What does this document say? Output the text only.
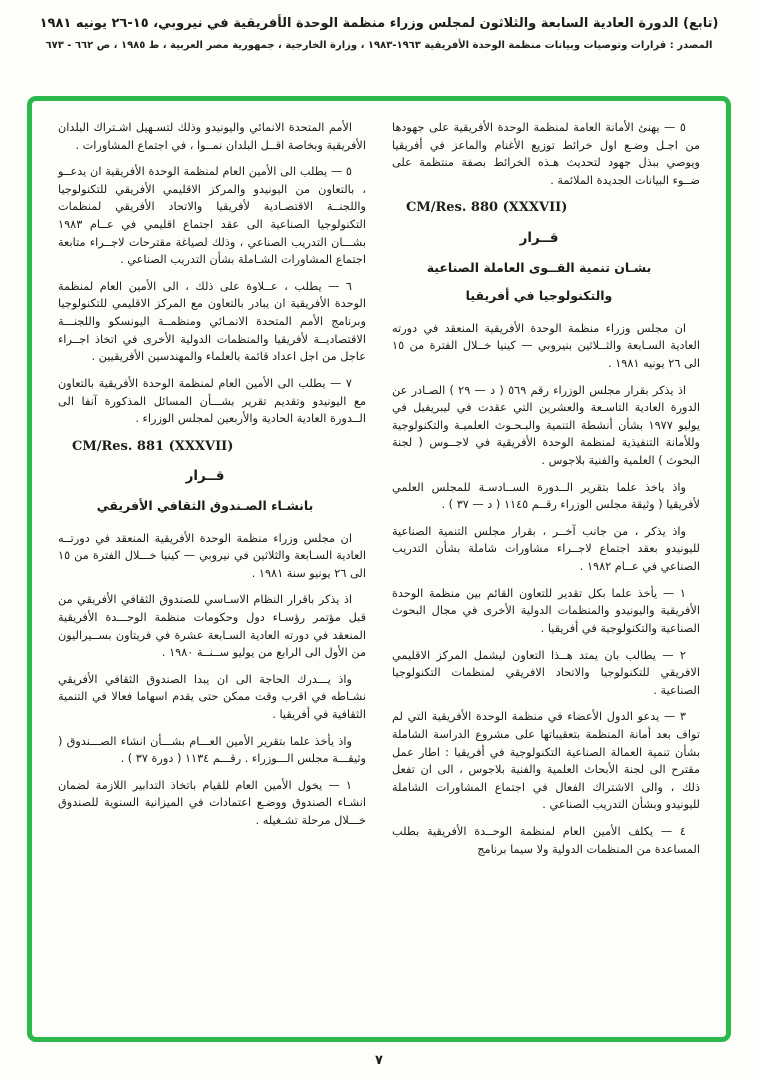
(تابع) الدورة العادية السابعة والثلاثون لمجلس وزراء منظمة الوحدة الأفريقية في نيروبي، ١٥-٢٦ يونيه ١٩٨١
المصدر : قرارات وتوصيات وبيانات منظمة الوحدة الأفريقية ١٩٦٣-١٩٨٣ ، وزارة الخارجية ، جمهورية مصر العربية ، ط ١٩٨٥ ، ص ٦٦٢ - ٦٧٣

٥ — يهنئ الأمانة العامة لمنظمة الوحدة الأفريقية على جهودها من اجـل وضـع اول خرائط توزيع الأغنام والماعز في أفريقيا ويوصي ببذل جهود لتحديث هـذه الخرائط بصفة منتظمة على ضــوء البيانات الجديدة الملائمة .

CM/Res. 880 (XXXVII)

قــرار

بشـان تنمية القــوى العاملة الصناعية

والتكنولوجيا في أفريقيا

ان مجلس وزراء منظمة الوحدة الأفريقية المنعقد في دورته العادية السـابعة والثــلاثين بنيروبي — كينيا خــلال الفترة من ١٥ الى ٢٦ يونيه ١٩٨١ .

اذ يذكر بقرار مجلس الوزراء رقم ٥٦٩ ( د — ٢٩ ) الصـادر عن الدورة العادية التاسـعة والعشرين التي عقدت في ليبريفيل في يوليو ١٩٧٧ بشأن أنشطة التنمية والبـحـوث العلميـة والتكنولوجية وللأمانة التنفيذية لمنظمة الوحدة الأفريقية في لاجــوس ( لجنة البحوث ) العلمية والفنية بلاجوس .

واذ ياخذ علما بتقرير الــدورة الســادسـة للمجلس العلمي لأفريقيا ( وثيقة مجلس الوزراء رقــم ١١٤٥ ( د — ٣٧ ) .

واذ يذكر ، من جانب آخــر ، بقرار مجلس التنمية الصناعية لليونيدو بعقد اجتماع لاجــراء مشاورات شاملة بشأن التدريب الصناعي في عــام ١٩٨٢ .

١ — يأخذ علما بكل تقدير للتعاون القائم بين منظمة الوحدة الأفريقية واليونيدو والمنظمات الدولية الأخرى في مجال البحوث الصناعية والتكنولوجية في أفريقيا .

٢ — يطالب بان يمتد هــذا التعاون ليشمل المركز الاقليمي الافريقي للتكنولوجيا والاتحاد الافريقي لمنظمات التكنولوجيا الصناعية .

٣ — يدعو الدول الأعضاء في منظمة الوحدة الأفريقية التي لم تواف بعد أمانة المنظمة بتعقيباتها على مشروع الدراسة الشاملة بشأن تنمية العمالة الصناعية التكنولوجية في أفريقيا : اطار عمل مقترح الى لجنة الأبحاث العلمية والفنية بلاجوس ، الى ان تفعل ذلك ، والى الاشتراك الفعال في اجتماع المشاورات الشاملة لليونيدو وبشأن التدريب الصناعي .

٤ — يكلف الأمين العام لمنظمة الوحــدة الأفريقية بطلب المساعدة من المنظمات الدولية ولا سيما برنامج

الأمم المتحدة الانمائي واليونيدو وذلك لتسـهيل اشـتراك البلدان الأفريقية وبخاصة اقــل البلدان نمــوا ، في اجتماع المشاورات .

٥ — يطلب الى الأمين العام لمنظمة الوحدة الأفريقية ان يدعــو ، بالتعاون من اليونيدو والمركز الاقليمي الأفريقي للتكنولوجيا واللجنــة الاقتصـادية لأفريقيا والاتحاد الأفريقي لمنظمات التكنولوجيا الصناعية الى عقد اجتماع اقليمي في عــام ١٩٨٣ بشـــان التدريب الصناعي ، وذلك لصياغة مقترحات لاجــراء متابعة اجتماع المشاورات الشـاملة بشأن التدريب الصناعي .

٦ — يطلب ، عــلاوة على ذلك ، الى الأمين العام لمنظمة الوحدة الأفريقية ان يبادر بالتعاون مع المركز الاقليمي للتكنولوجيا وبرنامج الأمم المتحدة الانمـائي ومنظمــة اليونسكو واللجنـــة الاقتصاديــة لأفريقيا والمنظمات الدولية الأخرى في اتخاذ اجــراء عاجل من اجل اعداد قائمة بالعلماء والمهندسين الأفريقيين .

٧ — يطلب الى الأمين العام لمنظمة الوحدة الأفريقية بالتعاون مع اليونيدو وتقديم تقرير بشـــأن المسائل المذكورة آنفا الى الــدورة العادية الحادية والأربعين لمجلس الوزراء .

CM/Res. 881 (XXXVII)

قــرار

بانشـاء الصـندوق الثقافي الأفريقي

ان مجلس وزراء منظمة الوحدة الأفريقية المنعقد في دورتــه العادية السـابعة والثلاثين في نيروبي — كينيا خـــلال الفترة من ١٥ الى ٢٦ يونيو سنة ١٩٨١ .

اذ يذكر باقرار النظام الاسـاسي للصندوق الثقافي الأفريقي من قبل مؤتمر رؤسـاء دول وحكومات منظمة الوحـــدة الأفريقية المنعقد في دورته العادية السـابعة عشرة في فريتاون بســيراليون من الأول الى الرابع من يوليو ســنــة ١٩٨٠ .

واذ يـــدرك الحاجة الى ان يبدا الصندوق الثقافي الأفريقي نشـاطه في اقرب وقت ممكن حتى يقدم اسهاما فعالا في التنمية الثقافية في أفريقيا .

واذ يأخذ علما بتقرير الأمين العـــام بشـــأن انشاء الصـــندوق ( وثيقـــة مجلس الـــوزراء . رقـــم ١١٣٤ ( دورة ٣٧ ) .

١ — يخول الأمين العام للقيام باتخاذ التدابير اللازمة لضمان انشـاء الصندوق ووضـع اعتمادات في الميزانية السنوية للصندوق خـــلال مرحلة تشـغيله .

٧
